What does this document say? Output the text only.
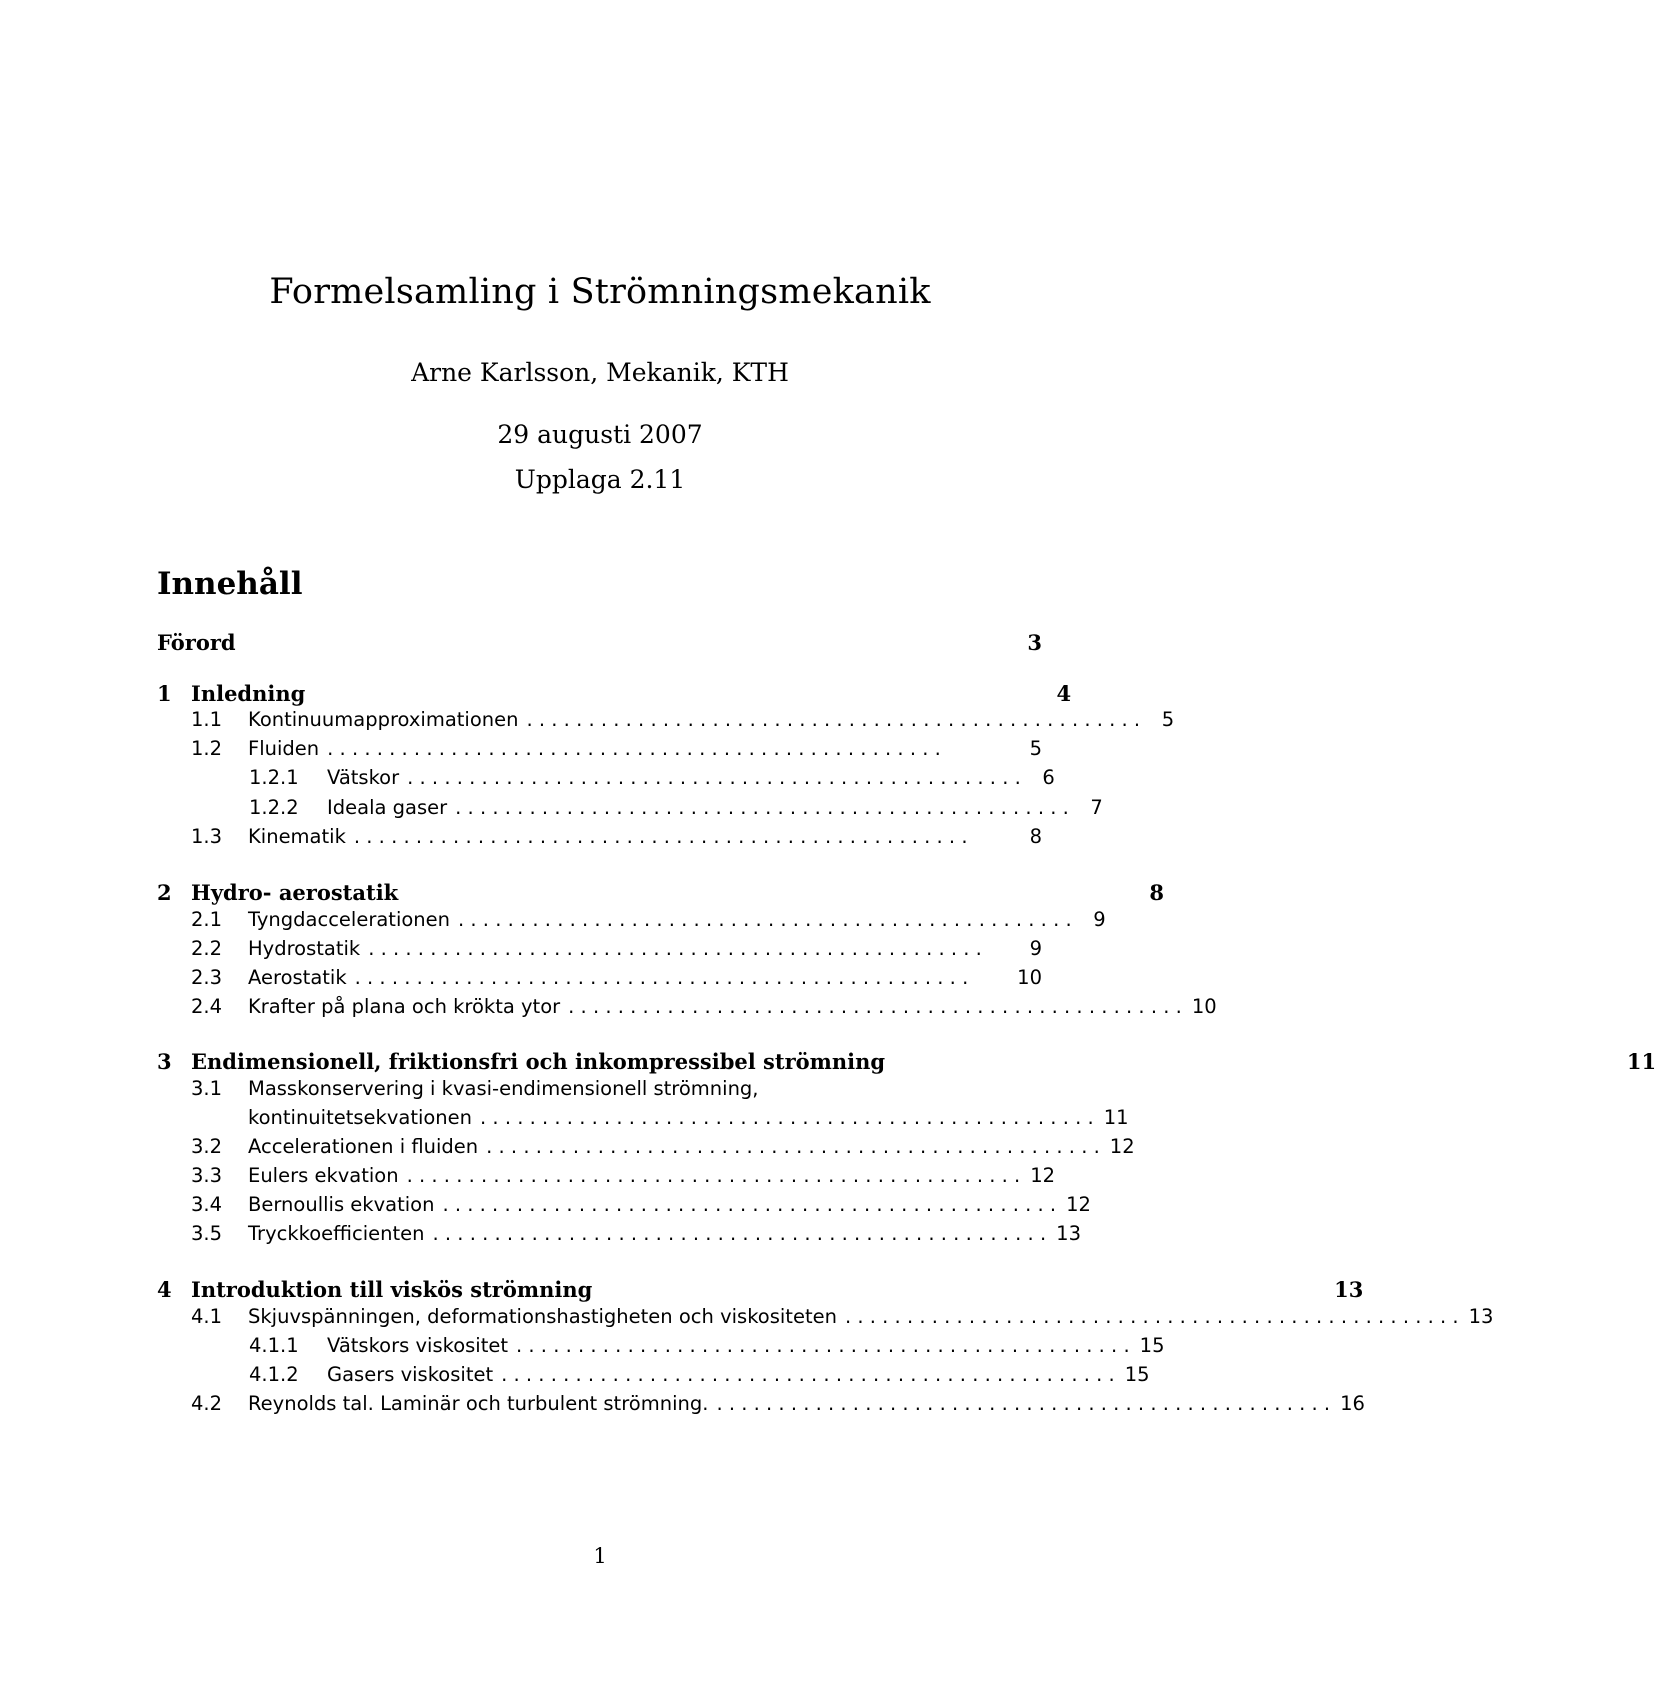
Formelsamling i Strömningsmekanik
Arne Karlsson, Mekanik, KTH
29 augusti 2007
Upplaga 2.11
Innehåll
Förord	3
1 Inledning	4
1.1	Kontinuumapproximationen . . . . . . . . . . . . . . . . . . . . . . . . . . . . . . . . . . . . . . . . . . . . . . . . . .	5
1.2	Fluiden . . . . . . . . . . . . . . . . . . . . . . . . . . . . . . . . . . . . . . . . . . . . . . . . . .	5
1.2.1	Vätskor . . . . . . . . . . . . . . . . . . . . . . . . . . . . . . . . . . . . . . . . . . . . . . . . . .	6
1.2.2	Ideala gaser . . . . . . . . . . . . . . . . . . . . . . . . . . . . . . . . . . . . . . . . . . . . . . . . . .	7
1.3	Kinematik . . . . . . . . . . . . . . . . . . . . . . . . . . . . . . . . . . . . . . . . . . . . . . . . . .	8
2 Hydro- aerostatik	8
2.1	Tyngdaccelerationen . . . . . . . . . . . . . . . . . . . . . . . . . . . . . . . . . . . . . . . . . . . . . . . . . .	9
2.2	Hydrostatik . . . . . . . . . . . . . . . . . . . . . . . . . . . . . . . . . . . . . . . . . . . . . . . . . .	9
2.3	Aerostatik . . . . . . . . . . . . . . . . . . . . . . . . . . . . . . . . . . . . . . . . . . . . . . . . . .	10
2.4	Krafter på plana och krökta ytor . . . . . . . . . . . . . . . . . . . . . . . . . . . . . . . . . . . . . . . . . . . . . . . . . . 10
3 Endimensionell, friktionsfri och inkompressibel strömning	11
3.1	Masskonservering i kvasi-endimensionell strömning,
kontinuitetsekvationen . . . . . . . . . . . . . . . . . . . . . . . . . . . . . . . . . . . . . . . . . . . . . . . . . . 11
3.2	Accelerationen i fluiden . . . . . . . . . . . . . . . . . . . . . . . . . . . . . . . . . . . . . . . . . . . . . . . . . . 12
3.3	Eulers ekvation . . . . . . . . . . . . . . . . . . . . . . . . . . . . . . . . . . . . . . . . . . . . . . . . . . 12
3.4	Bernoullis ekvation . . . . . . . . . . . . . . . . . . . . . . . . . . . . . . . . . . . . . . . . . . . . . . . . . . 12
3.5	Tryckkoefficienten . . . . . . . . . . . . . . . . . . . . . . . . . . . . . . . . . . . . . . . . . . . . . . . . . . 13
4 Introduktion till viskös strömning	13
4.1	Skjuvspänningen, deformationshastigheten och viskositeten . . . . . . . . . . . . . . . . . . . . . . . . . . . . . . . . . . . . . . . . . . . . . . . . . . 13
4.1.1	Vätskors viskositet . . . . . . . . . . . . . . . . . . . . . . . . . . . . . . . . . . . . . . . . . . . . . . . . . . 15
4.1.2	Gasers viskositet . . . . . . . . . . . . . . . . . . . . . . . . . . . . . . . . . . . . . . . . . . . . . . . . . . 15
4.2	Reynolds tal. Laminär och turbulent strömning. . . . . . . . . . . . . . . . . . . . . . . . . . . . . . . . . . . . . . . . . . . . . . . . . . . 16
1
